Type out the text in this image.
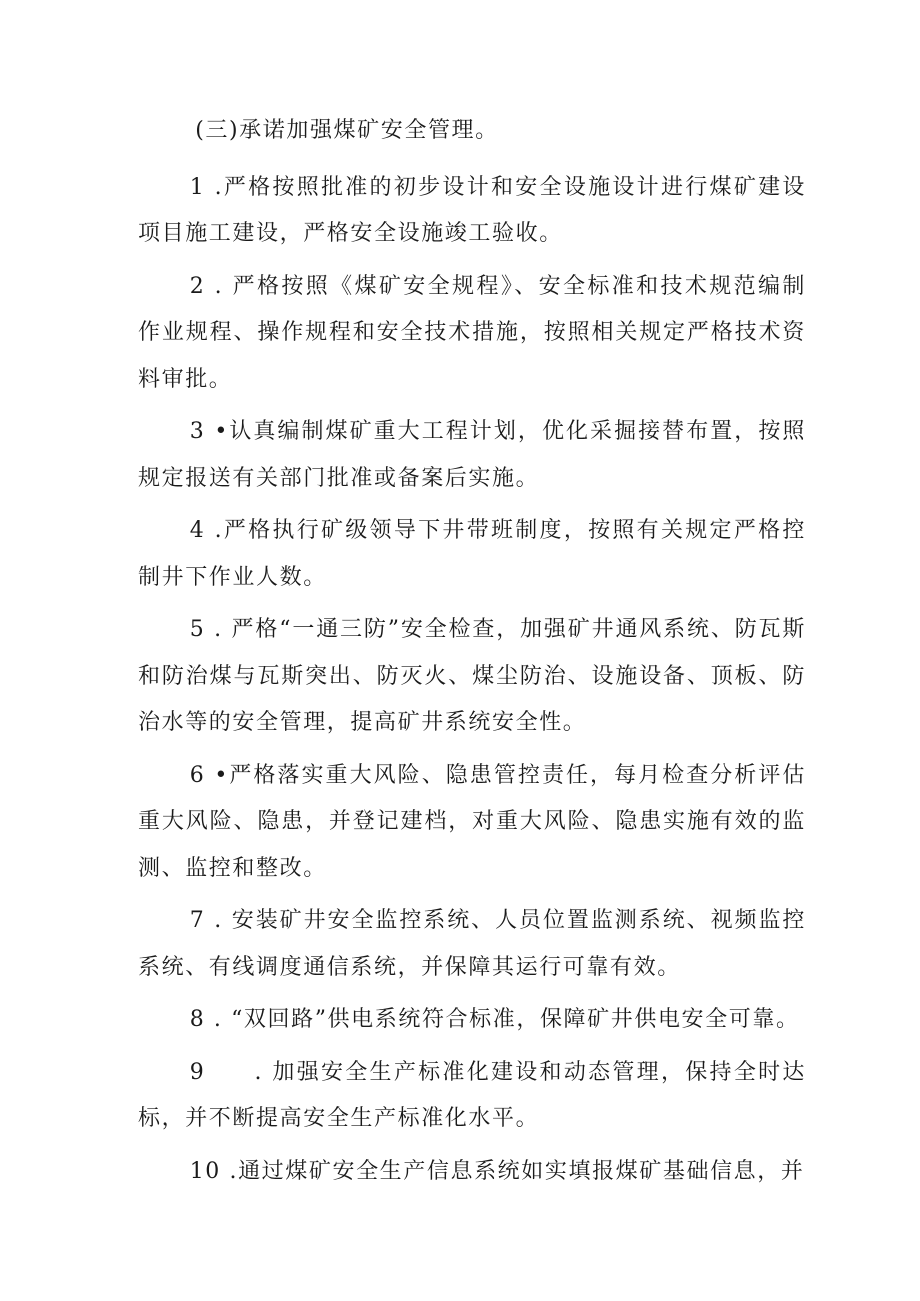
(三)承诺加强煤矿安全管理。

1 .严格按照批准的初步设计和安全设施设计进行煤矿建设项目施工建设，严格安全设施竣工验收。

2 . 严格按照《煤矿安全规程》、安全标准和技术规范编制作业规程、操作规程和安全技术措施，按照相关规定严格技术资料审批。

3 •认真编制煤矿重大工程计划，优化采掘接替布置，按照规定报送有关部门批准或备案后实施。

4 .严格执行矿级领导下井带班制度，按照有关规定严格控制井下作业人数。

5 . 严格“一通三防”安全检查，加强矿井通风系统、防瓦斯和防治煤与瓦斯突出、防灭火、煤尘防治、设施设备、顶板、防治水等的安全管理，提高矿井系统安全性。

6 •严格落实重大风险、隐患管控责任，每月检查分析评估重大风险、隐患，并登记建档，对重大风险、隐患实施有效的监测、监控和整改。

7 . 安装矿井安全监控系统、人员位置监测系统、视频监控系统、有线调度通信系统，并保障其运行可靠有效。

8 . “双回路”供电系统符合标准，保障矿井供电安全可靠。

9　　. 加强安全生产标准化建设和动态管理，保持全时达标，并不断提高安全生产标准化水平。

10 .通过煤矿安全生产信息系统如实填报煤矿基础信息，并
